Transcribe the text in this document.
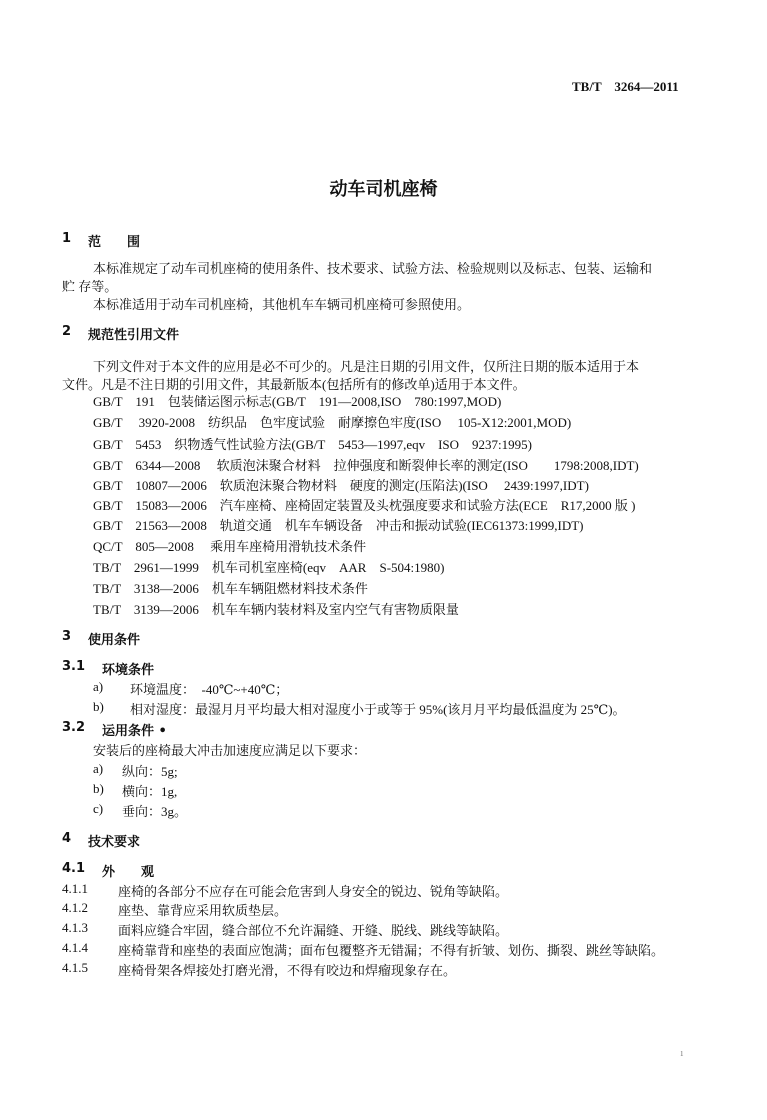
TB/T　3264—2011
动车司机座椅
1 范　　围
本标准规定了动车司机座椅的使用条件、技术要求、试验方法、检验规则以及标志、包装、运输和
贮 存等。
本标准适用于动车司机座椅，其他机车车辆司机座椅可参照使用。
2 规范性引用文件
下列文件对于本文件的应用是必不可少的。凡是注日期的引用文件，仅所注日期的版本适用于本
文件。凡是不注日期的引用文件，其最新版本(包括所有的修改单)适用于本文件。
GB/T　191　包装储运图示标志(GB/T　191—2008,ISO　780:1997,MOD)
GB/T　 3920-2008　纺织品　色牢度试验　耐摩擦色牢度(ISO　 105-X12:2001,MOD)
GB/T　5453　织物透气性试验方法(GB/T　5453—1997,eqv　ISO　9237:1995)
GB/T　6344—2008　 软质泡沫聚合材料　拉伸强度和断裂伸长率的测定(ISO　　1798:2008,IDT)
GB/T　10807—2006　软质泡沫聚合物材料　硬度的测定(压陷法)(ISO　 2439:1997,IDT)
GB/T　15083—2006　汽车座椅、座椅固定装置及头枕强度要求和试验方法(ECE　R17,2000 版 )
GB/T　21563—2008　轨道交通　机车车辆设备　冲击和振动试验(IEC61373:1999,IDT)
QC/T　805—2008　 乘用车座椅用滑轨技术条件
TB/T　2961—1999　机车司机室座椅(eqv　AAR　S-504:1980)
TB/T　3138—2006　机车车辆阻燃材料技术条件
TB/T　3139—2006　机车车辆内装材料及室内空气有害物质限量
3 使用条件
3.1 环境条件
a) 环境温度：　-40℃~+40℃；
b) 相对湿度：最湿月月平均最大相对湿度小于或等于 95%(该月月平均最低温度为 25℃)。
3.2 运用条件 •
安装后的座椅最大冲击加速度应满足以下要求：
a) 纵向：5g;
b) 横向：1g,
c) 垂向：3g。
4 技术要求
4.1 外　　观
4.1.1 座椅的各部分不应存在可能会危害到人身安全的锐边、锐角等缺陷。
4.1.2 座垫、靠背应采用软质垫层。
4.1.3 面料应缝合牢固，缝合部位不允许漏缝、开缝、脱线、跳线等缺陷。
4.1.4 座椅靠背和座垫的表面应饱满；面布包覆整齐无错漏；不得有折皱、划伤、撕裂、跳丝等缺陷。
4.1.5 座椅骨架各焊接处打磨光滑，不得有咬边和焊瘤现象存在。
1
